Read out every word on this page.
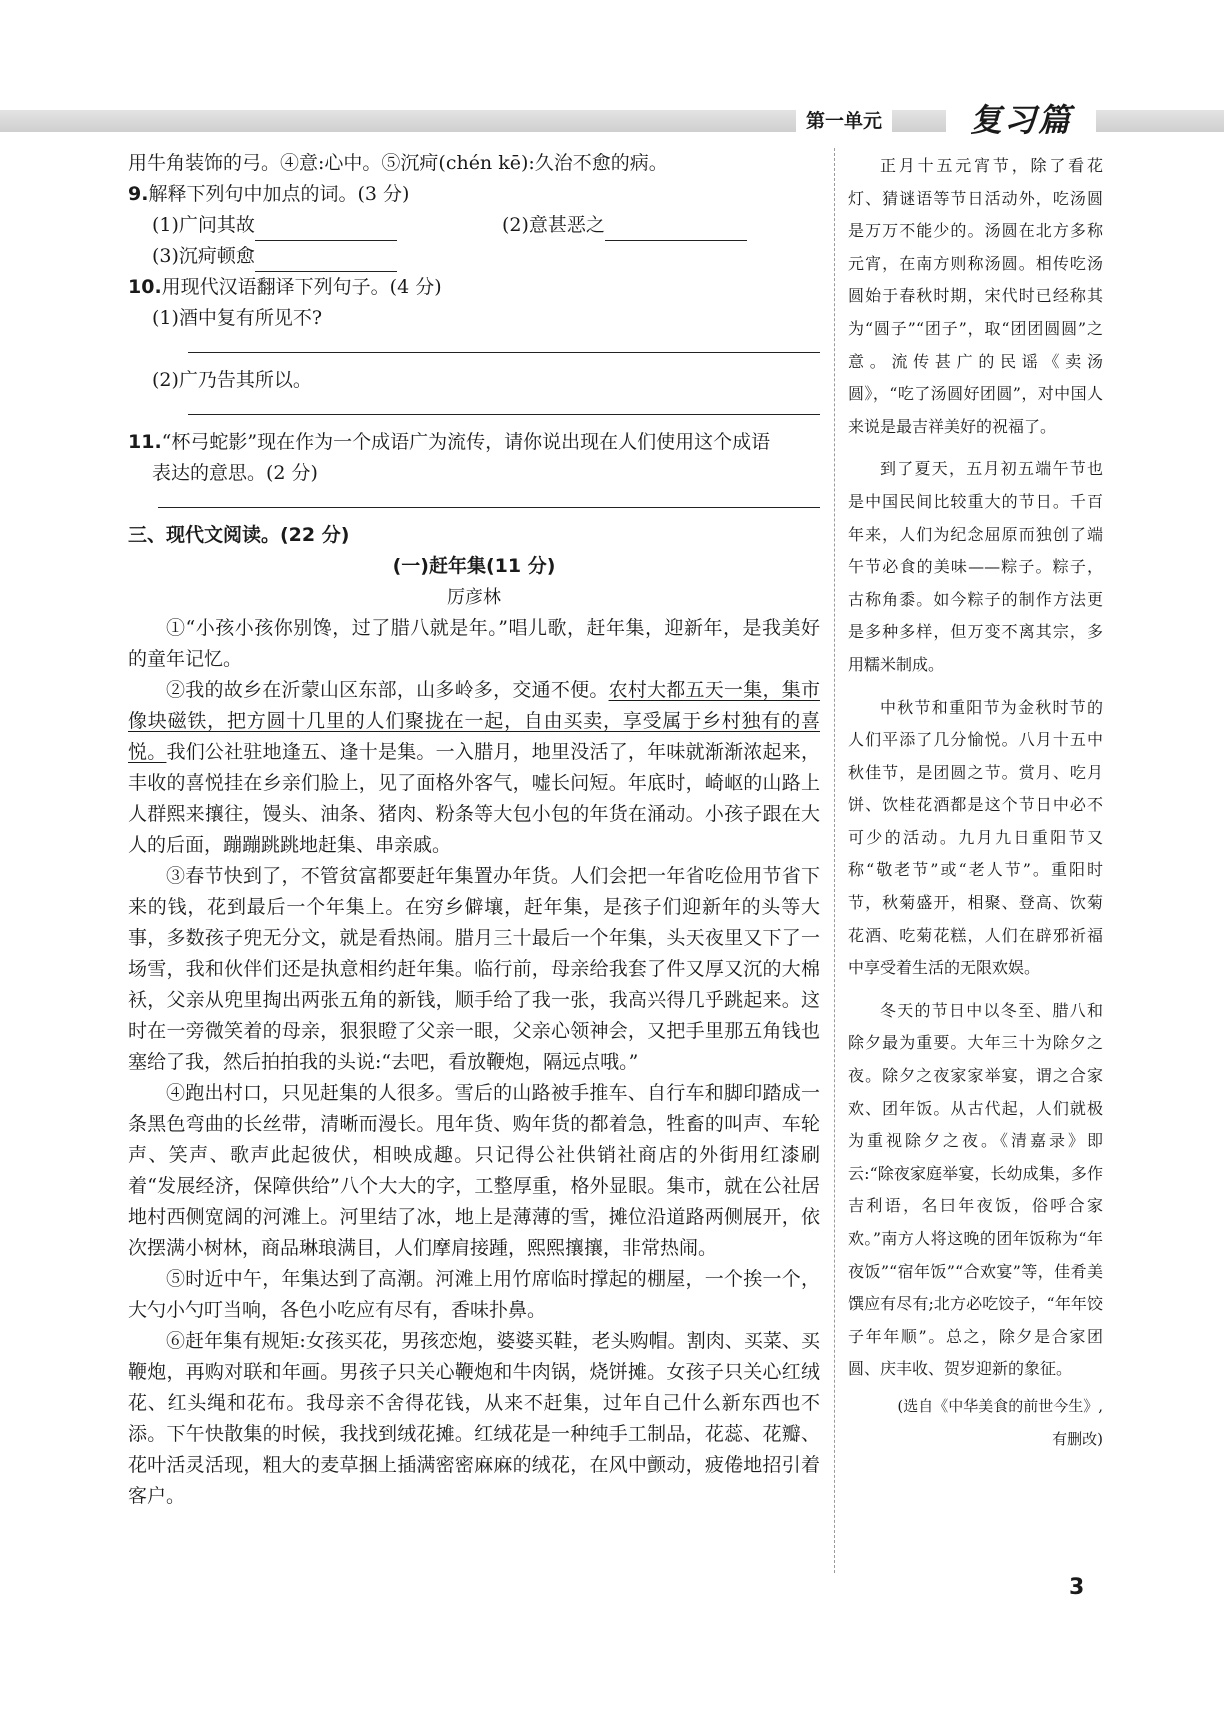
第一单元	复习篇

用牛角装饰的弓。④意:心中。⑤沉疴(chén kē):久治不愈的病。

9.解释下列句中加点的词。(3 分)

(1)广问其故	(2)意甚恶之
(3)沉疴顿愈

10.用现代汉语翻译下列句子。(4 分)

(1)酒中复有所见不?

(2)广乃告其所以。

11.“杯弓蛇影”现在作为一个成语广为流传，请你说出现在人们使用这个成语

表达的意思。(2 分)

三、现代文阅读。(22 分)

(一)赶年集(11 分)

厉彦林

①“小孩小孩你别馋，过了腊八就是年。”唱儿歌，赶年集，迎新年，是我美好的童年记忆。

②我的故乡在沂蒙山区东部，山多岭多，交通不便。农村大都五天一集，集市像块磁铁，把方圆十几里的人们聚拢在一起，自由买卖，享受属于乡村独有的喜悦。我们公社驻地逢五、逢十是集。一入腊月，地里没活了，年味就渐渐浓起来，丰收的喜悦挂在乡亲们脸上，见了面格外客气，嘘长问短。年底时，崎岖的山路上人群熙来攘往，馒头、油条、猪肉、粉条等大包小包的年货在涌动。小孩子跟在大人的后面，蹦蹦跳跳地赶集、串亲戚。

③春节快到了，不管贫富都要赶年集置办年货。人们会把一年省吃俭用节省下来的钱，花到最后一个年集上。在穷乡僻壤，赶年集，是孩子们迎新年的头等大事，多数孩子兜无分文，就是看热闹。腊月三十最后一个年集，头天夜里又下了一场雪，我和伙伴们还是执意相约赶年集。临行前，母亲给我套了件又厚又沉的大棉袄，父亲从兜里掏出两张五角的新钱，顺手给了我一张，我高兴得几乎跳起来。这时在一旁微笑着的母亲，狠狠瞪了父亲一眼，父亲心领神会，又把手里那五角钱也塞给了我，然后拍拍我的头说:“去吧，看放鞭炮，隔远点哦。”

④跑出村口，只见赶集的人很多。雪后的山路被手推车、自行车和脚印踏成一条黑色弯曲的长丝带，清晰而漫长。甩年货、购年货的都着急，牲畜的叫声、车轮声、笑声、歌声此起彼伏，相映成趣。只记得公社供销社商店的外街用红漆刷着“发展经济，保障供给”八个大大的字，工整厚重，格外显眼。集市，就在公社居地村西侧宽阔的河滩上。河里结了冰，地上是薄薄的雪，摊位沿道路两侧展开，依次摆满小树林，商品琳琅满目，人们摩肩接踵，熙熙攘攘，非常热闹。

⑤时近中午，年集达到了高潮。河滩上用竹席临时撑起的棚屋，一个挨一个，大勺小勺叮当响，各色小吃应有尽有，香味扑鼻。

⑥赶年集有规矩:女孩买花，男孩恋炮，婆婆买鞋，老头购帽。割肉、买菜、买鞭炮，再购对联和年画。男孩子只关心鞭炮和牛肉锅，烧饼摊。女孩子只关心红绒花、红头绳和花布。我母亲不舍得花钱，从来不赶集，过年自己什么新东西也不添。下午快散集的时候，我找到绒花摊。红绒花是一种纯手工制品，花蕊、花瓣、花叶活灵活现，粗大的麦草捆上插满密密麻麻的绒花，在风中颤动，疲倦地招引着客户。

正月十五元宵节，除了看花灯、猜谜语等节日活动外，吃汤圆是万万不能少的。汤圆在北方多称元宵，在南方则称汤圆。相传吃汤圆始于春秋时期，宋代时已经称其为“圆子”“团子”，取“团团圆圆”之意。流传甚广的民谣《卖汤圆》，“吃了汤圆好团圆”，对中国人来说是最吉祥美好的祝福了。

到了夏天，五月初五端午节也是中国民间比较重大的节日。千百年来，人们为纪念屈原而独创了端午节必食的美味——粽子。粽子，古称角黍。如今粽子的制作方法更是多种多样，但万变不离其宗，多用糯米制成。

中秋节和重阳节为金秋时节的人们平添了几分愉悦。八月十五中秋佳节，是团圆之节。赏月、吃月饼、饮桂花酒都是这个节日中必不可少的活动。九月九日重阳节又称“敬老节”或“老人节”。重阳时节，秋菊盛开，相聚、登高、饮菊花酒、吃菊花糕，人们在辟邪祈福中享受着生活的无限欢娱。

冬天的节日中以冬至、腊八和除夕最为重要。大年三十为除夕之夜。除夕之夜家家举宴，谓之合家欢、团年饭。从古代起，人们就极为重视除夕之夜。《清嘉录》即云:“除夜家庭举宴，长幼成集，多作吉利语，名曰年夜饭，俗呼合家欢。”南方人将这晚的团年饭称为“年夜饭”“宿年饭”“合欢宴”等，佳肴美馔应有尽有;北方必吃饺子，“年年饺子年年顺”。总之，除夕是合家团圆、庆丰收、贺岁迎新的象征。

(选自《中华美食的前世今生》,
有删改)

3
